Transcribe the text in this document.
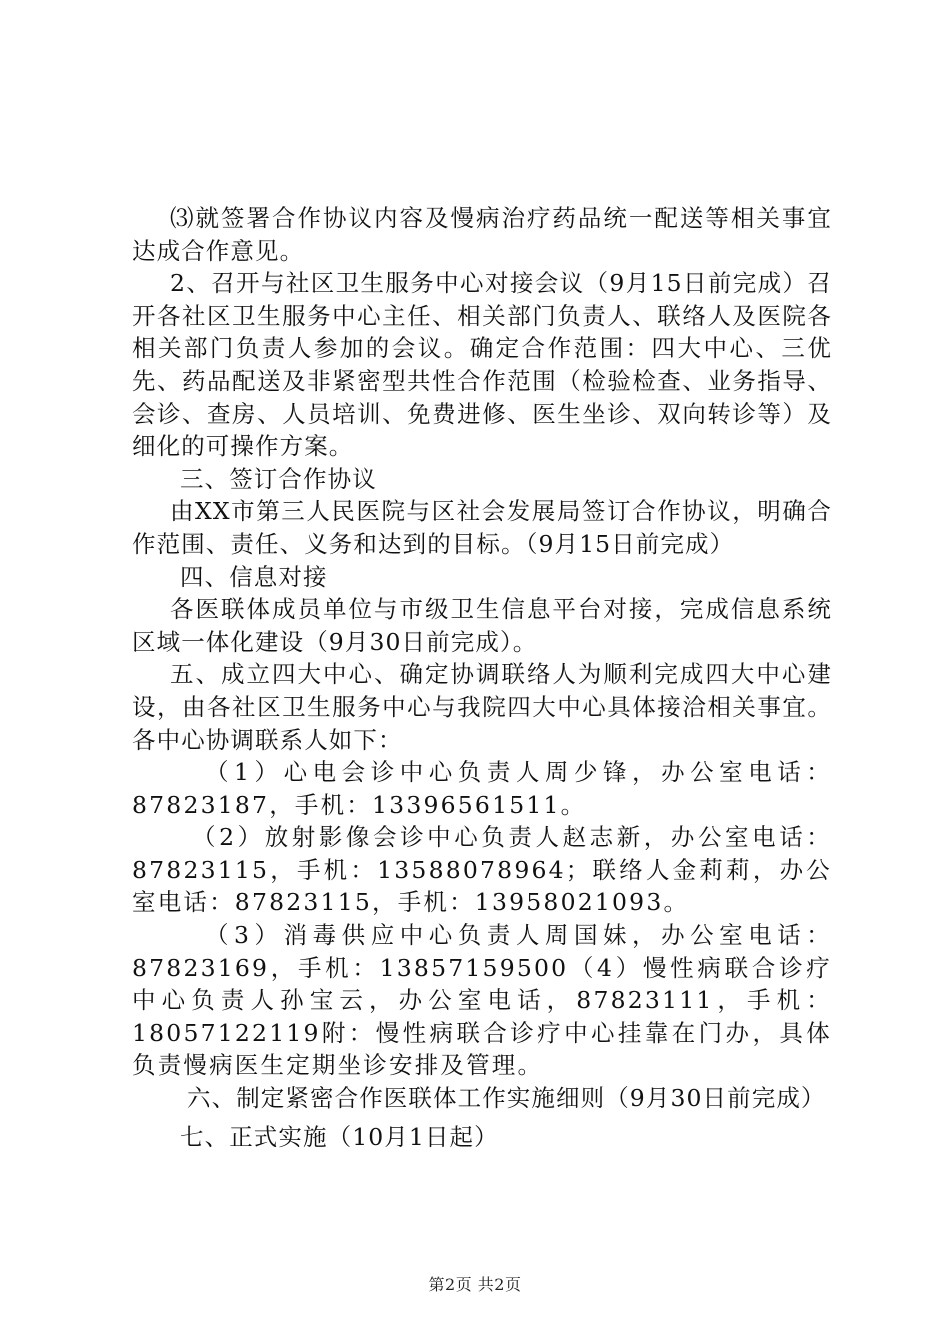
⑶就签署合作协议内容及慢病治疗药品统一配送等相关事宜达成合作意见。

2、召开与社区卫生服务中心对接会议（9月15日前完成）召开各社区卫生服务中心主任、相关部门负责人、联络人及医院各相关部门负责人参加的会议。确定合作范围：四大中心、三优先、药品配送及非紧密型共性合作范围（检验检查、业务指导、会诊、查房、人员培训、免费进修、医生坐诊、双向转诊等）及细化的可操作方案。

三、签订合作协议

由XX市第三人民医院与区社会发展局签订合作协议，明确合作范围、责任、义务和达到的目标。（9月15日前完成）

四、信息对接

各医联体成员单位与市级卫生信息平台对接，完成信息系统区域一体化建设（9月30日前完成）。

五、成立四大中心、确定协调联络人为顺利完成四大中心建设，由各社区卫生服务中心与我院四大中心具体接洽相关事宜。各中心协调联系人如下：

（1）心电会诊中心负责人周少锋，办公室电话：87823187，手机：13396561511。

（2）放射影像会诊中心负责人赵志新，办公室电话：87823115，手机：13588078964；联络人金莉莉，办公室电话：87823115，手机：13958021093。

（3）消毒供应中心负责人周国妹，办公室电话：87823169，手机：13857159500（4）慢性病联合诊疗中心负责人孙宝云，办公室电话，87823111，手机：18057122119附：慢性病联合诊疗中心挂靠在门办，具体负责慢病医生定期坐诊安排及管理。

六、制定紧密合作医联体工作实施细则（9月30日前完成）

七、正式实施（10月1日起）

第2页 共2页
